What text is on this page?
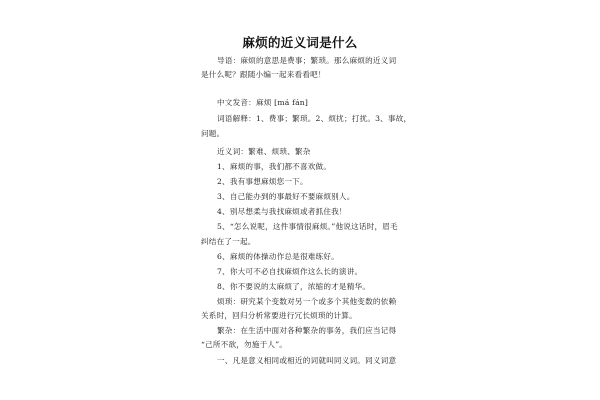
麻烦的近义词是什么
导语：麻烦的意思是费事；繁琐。那么麻烦的近义词
是什么呢？跟随小编一起来看看吧！
中文发音：麻烦 [má fán]
词语解释：1、费事；繁琐。2、烦扰；打扰。3、事故，
问题。
近义词：繁难、烦琐、繁杂
1、麻烦的事，我们都不喜欢做。
2、我有事想麻烦您一下。
3、自己能办到的事最好不要麻烦别人。
4、别尽想柔与我找麻烦或者抓住我！
5、“怎么说呢，这件事情很麻烦。”他说这话时，眉毛
纠结在了一起。
6、麻烦的体操动作总是很难练好。
7、你大可不必自找麻烦作这么长的演讲。
8、你不要说的太麻烦了，浓缩的才是精华。
烦琐：研究某个变数对另一个或多个其他变数的依赖
关系时，回归分析常要进行冗长烦琐的计算。
繁杂：在生活中面对各种繁杂的事务，我们应当记得
“己所不欲，勿施于人”。
一、凡是意义相同或相近的词就叫同义词。同义词意
